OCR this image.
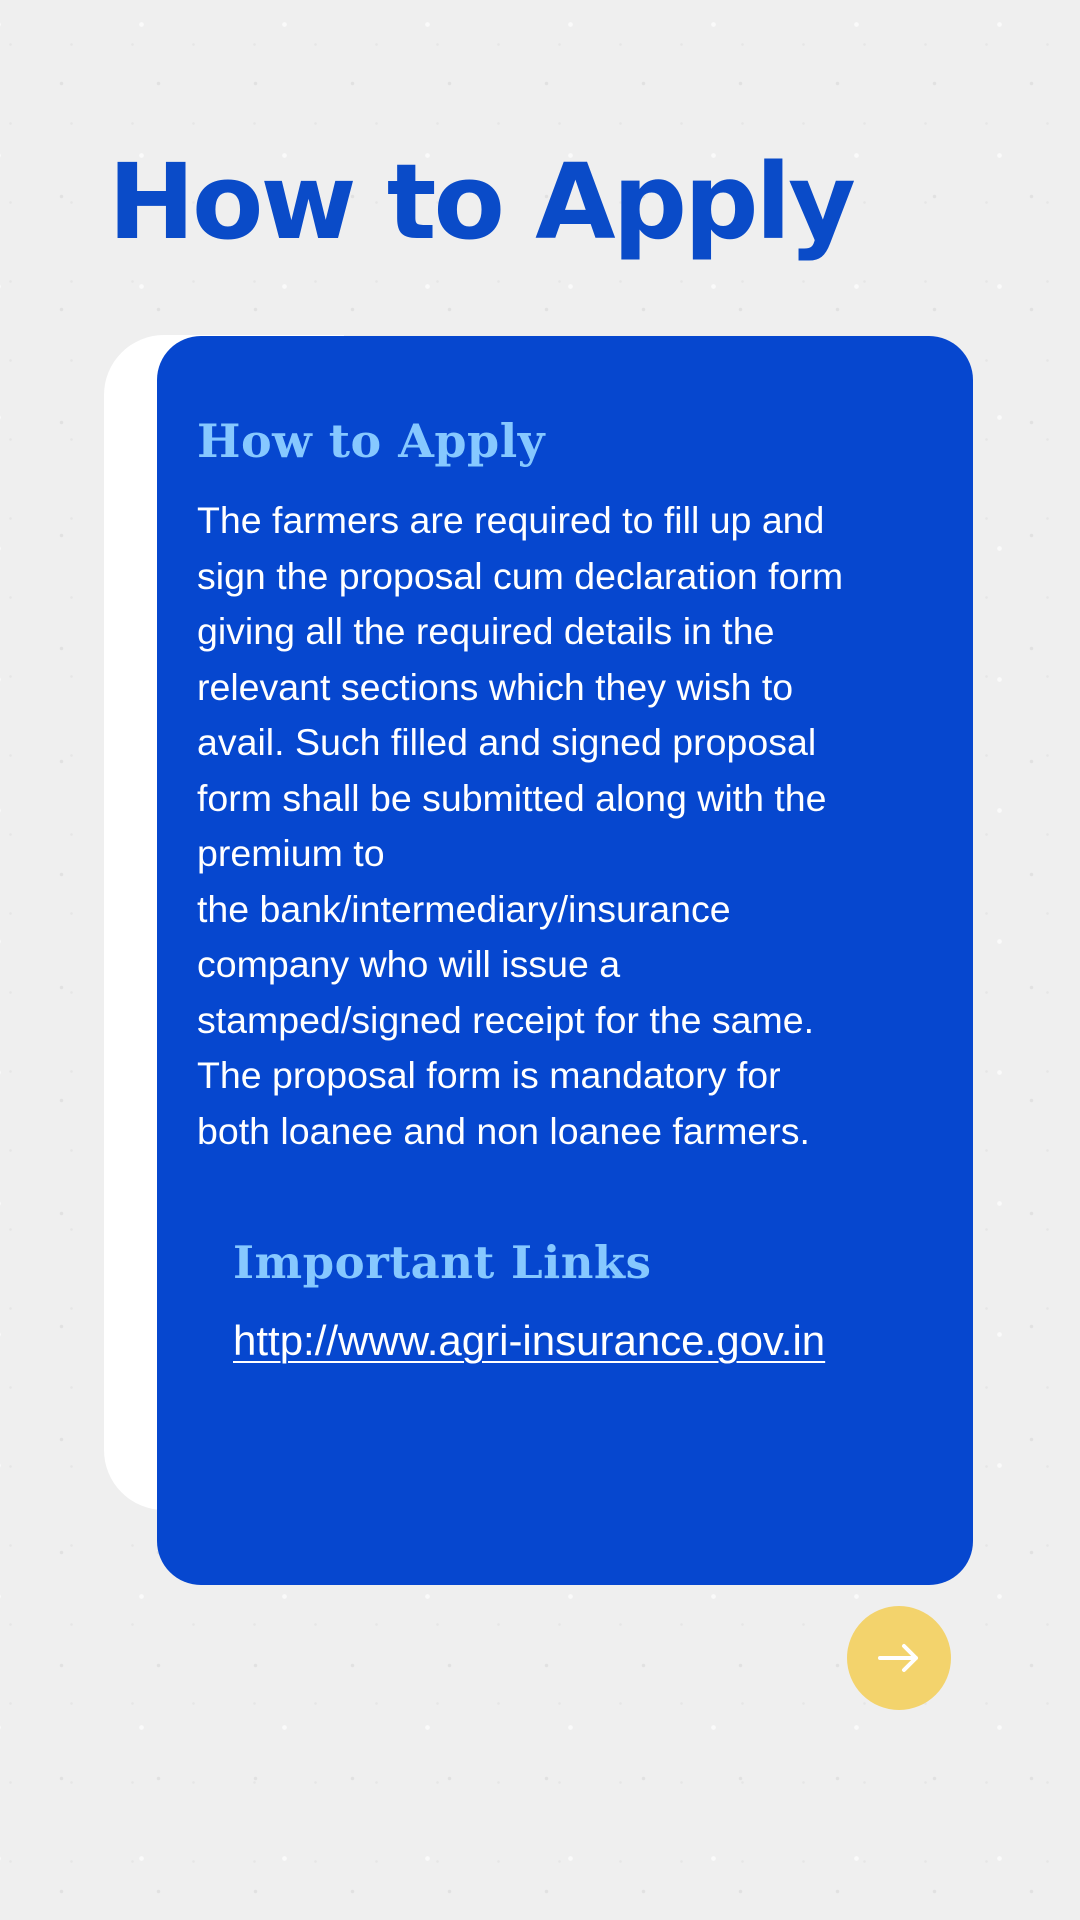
How to Apply
How to Apply

The farmers are required to fill up and
sign the proposal cum declaration form
giving all the required details in the
relevant sections which they wish to
avail. Such filled and signed proposal
form shall be submitted along with the
premium to
the bank/intermediary/insurance
company who will issue a
stamped/signed receipt for the same.
The proposal form is mandatory for
both loanee and non loanee farmers.

Important Links
http://www.agri-insurance.gov.in
